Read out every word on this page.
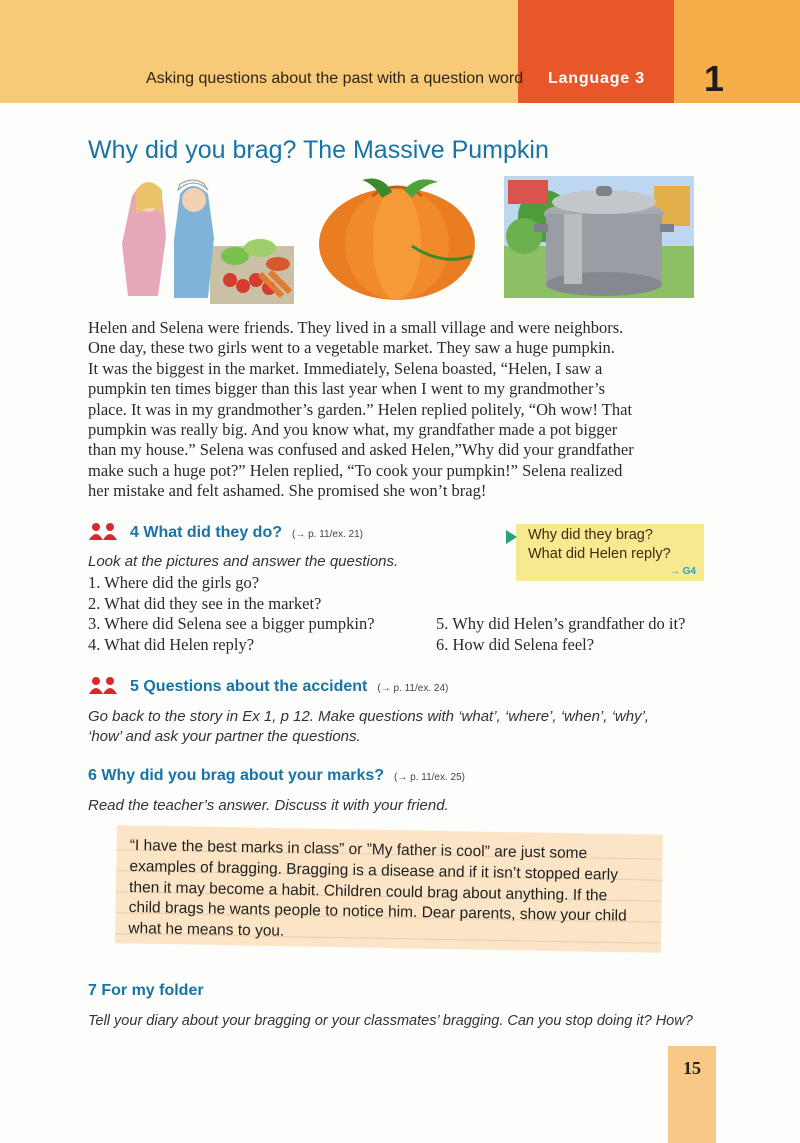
Asking questions about the past with a question word Language 3 1
Why did you brag? The Massive Pumpkin

Helen and Selena were friends. They lived in a small village and were neighbors.

One day, these two girls went to a vegetable market. They saw a huge pumpkin.

It was the biggest in the market. Immediately, Selena boasted, “Helen, I saw a

pumpkin ten times bigger than this last year when I went to my grandmother’s

place. It was in my grandmother’s garden.” Helen replied politely, “Oh wow! That

pumpkin was really big. And you know what, my grandfather made a pot bigger

than my house.” Selena was confused and asked Helen,”Why did your grandfather

make such a huge pot?” Helen replied, “To cook your pumpkin!” Selena realized

her mistake and felt ashamed. She promised she won’t brag!

4 What did they do? (→ p. 11/ex. 21)
Look at the pictures and answer the questions.
1. Where did the girls go?
2. What did they see in the market?
3. Where did Selena see a bigger pumpkin?
4. What did Helen reply?
5. Why did Helen’s grandfather do it?
6. How did Selena feel?
Why did they brag?
What did Helen reply?
→ G4
5 Questions about the accident (→ p. 11/ex. 24)
Go back to the story in Ex 1, p 12. Make questions with ‘what’, ‘where’, ‘when’, ‘why’,
‘how’ and ask your partner the questions.
6 Why did you brag about your marks? (→ p. 11/ex. 25)
Read the teacher’s answer. Discuss it with your friend.
“I have the best marks in class” or ”My father is cool” are just some
examples of bragging. Bragging is a disease and if it isn’t stopped early
then it may become a habit. Children could brag about anything. If the
child brags he wants people to notice him. Dear parents, show your child
what he means to you.
7 For my folder
Tell your diary about your bragging or your classmates’ bragging. Can you stop doing it? How?
15
